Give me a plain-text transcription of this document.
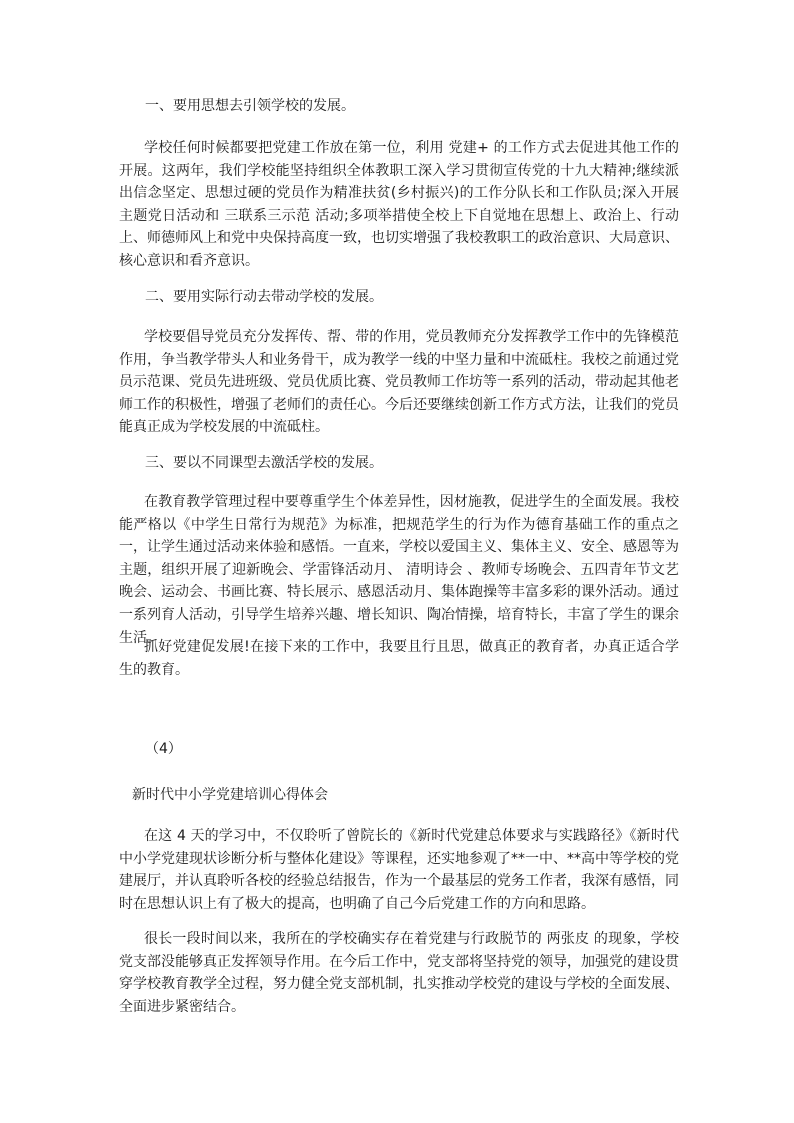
一、要用思想去引领学校的发展。
学校任何时候都要把党建工作放在第一位，利用 党建+ 的工作方式去促进其他工作的开展。这两年，我们学校能坚持组织全体教职工深入学习贯彻宣传党的十九大精神;继续派出信念坚定、思想过硬的党员作为精准扶贫(乡村振兴)的工作分队长和工作队员;深入开展主题党日活动和 三联系三示范 活动;多项举措使全校上下自觉地在思想上、政治上、行动上、师德师风上和党中央保持高度一致，也切实增强了我校教职工的政治意识、大局意识、核心意识和看齐意识。
二、要用实际行动去带动学校的发展。
学校要倡导党员充分发挥传、帮、带的作用，党员教师充分发挥教学工作中的先锋模范作用，争当教学带头人和业务骨干，成为教学一线的中坚力量和中流砥柱。我校之前通过党员示范课、党员先进班级、党员优质比赛、党员教师工作坊等一系列的活动，带动起其他老师工作的积极性，增强了老师们的责任心。今后还要继续创新工作方式方法，让我们的党员能真正成为学校发展的中流砥柱。
三、要以不同课型去激活学校的发展。
在教育教学管理过程中要尊重学生个体差异性，因材施教，促进学生的全面发展。我校能严格以《中学生日常行为规范》为标准，把规范学生的行为作为德育基础工作的重点之一，让学生通过活动来体验和感悟。一直来，学校以爱国主义、集体主义、安全、感恩等为主题，组织开展了迎新晚会、学雷锋活动月、 清明诗会 、教师专场晚会、五四青年节文艺晚会、运动会、书画比赛、特长展示、感恩活动月、集体跑操等丰富多彩的课外活动。通过一系列育人活动，引导学生培养兴趣、增长知识、陶冶情操，培育特长，丰富了学生的课余生活。
抓好党建促发展!在接下来的工作中，我要且行且思，做真正的教育者，办真正适合学生的教育。
（4）
新时代中小学党建培训心得体会
在这 4 天的学习中，不仅聆听了曾院长的《新时代党建总体要求与实践路径》《新时代中小学党建现状诊断分析与整体化建设》等课程，还实地参观了**一中、**高中等学校的党建展厅，并认真聆听各校的经验总结报告，作为一个最基层的党务工作者，我深有感悟，同时在思想认识上有了极大的提高，也明确了自己今后党建工作的方向和思路。
很长一段时间以来，我所在的学校确实存在着党建与行政脱节的 两张皮 的现象，学校党支部没能够真正发挥领导作用。在今后工作中，党支部将坚持党的领导，加强党的建设贯穿学校教育教学全过程，努力健全党支部机制，扎实推动学校党的建设与学校的全面发展、全面进步紧密结合。
